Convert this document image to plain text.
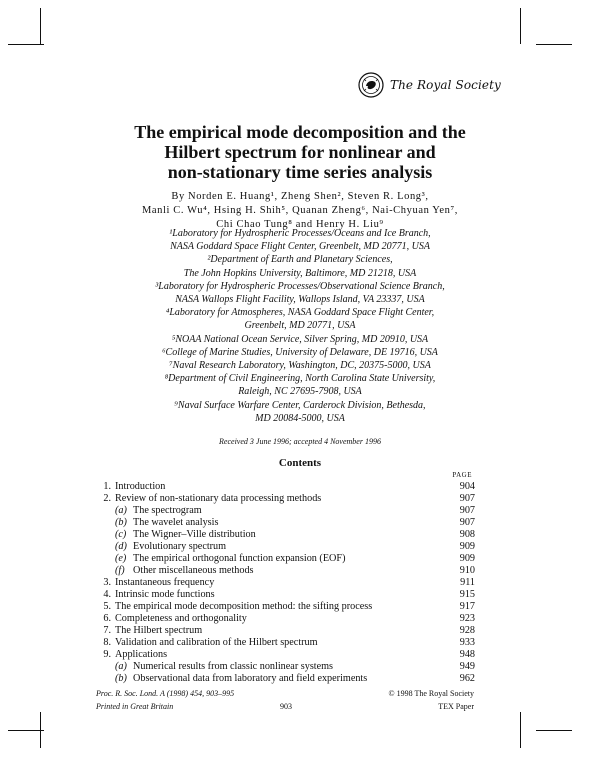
The Royal Society
The empirical mode decomposition and the
Hilbert spectrum for nonlinear and
non-stationary time series analysis
By Norden E. Huang¹, Zheng Shen², Steven R. Long³,
Manli C. Wu⁴, Hsing H. Shih⁵, Quanan Zheng⁶, Nai-Chyuan Yen⁷,
Chi Chao Tung⁸ and Henry H. Liu⁹
¹Laboratory for Hydrospheric Processes/Oceans and Ice Branch,
NASA Goddard Space Flight Center, Greenbelt, MD 20771, USA
²Department of Earth and Planetary Sciences,
The John Hopkins University, Baltimore, MD 21218, USA
³Laboratory for Hydrospheric Processes/Observational Science Branch,
NASA Wallops Flight Facility, Wallops Island, VA 23337, USA
⁴Laboratory for Atmospheres, NASA Goddard Space Flight Center,
Greenbelt, MD 20771, USA
⁵NOAA National Ocean Service, Silver Spring, MD 20910, USA
⁶College of Marine Studies, University of Delaware, DE 19716, USA
⁷Naval Research Laboratory, Washington, DC, 20375-5000, USA
⁸Department of Civil Engineering, North Carolina State University,
Raleigh, NC 27695-7908, USA
⁹Naval Surface Warfare Center, Carderock Division, Bethesda,
MD 20084-5000, USA
Received 3 June 1996; accepted 4 November 1996
Contents
PAGE
1. Introduction	904
2. Review of non-stationary data processing methods	907
(a) The spectrogram	907
(b) The wavelet analysis	907
(c) The Wigner–Ville distribution	908
(d) Evolutionary spectrum	909
(e) The empirical orthogonal function expansion (EOF)	909
(f) Other miscellaneous methods	910
3. Instantaneous frequency	911
4. Intrinsic mode functions	915
5. The empirical mode decomposition method: the sifting process	917
6. Completeness and orthogonality	923
7. The Hilbert spectrum	928
8. Validation and calibration of the Hilbert spectrum	933
9. Applications	948
(a) Numerical results from classic nonlinear systems	949
(b) Observational data from laboratory and field experiments	962
Proc. R. Soc. Lond. A (1998) 454, 903–995	© 1998 The Royal Society
Printed in Great Britain	903	TEX Paper
